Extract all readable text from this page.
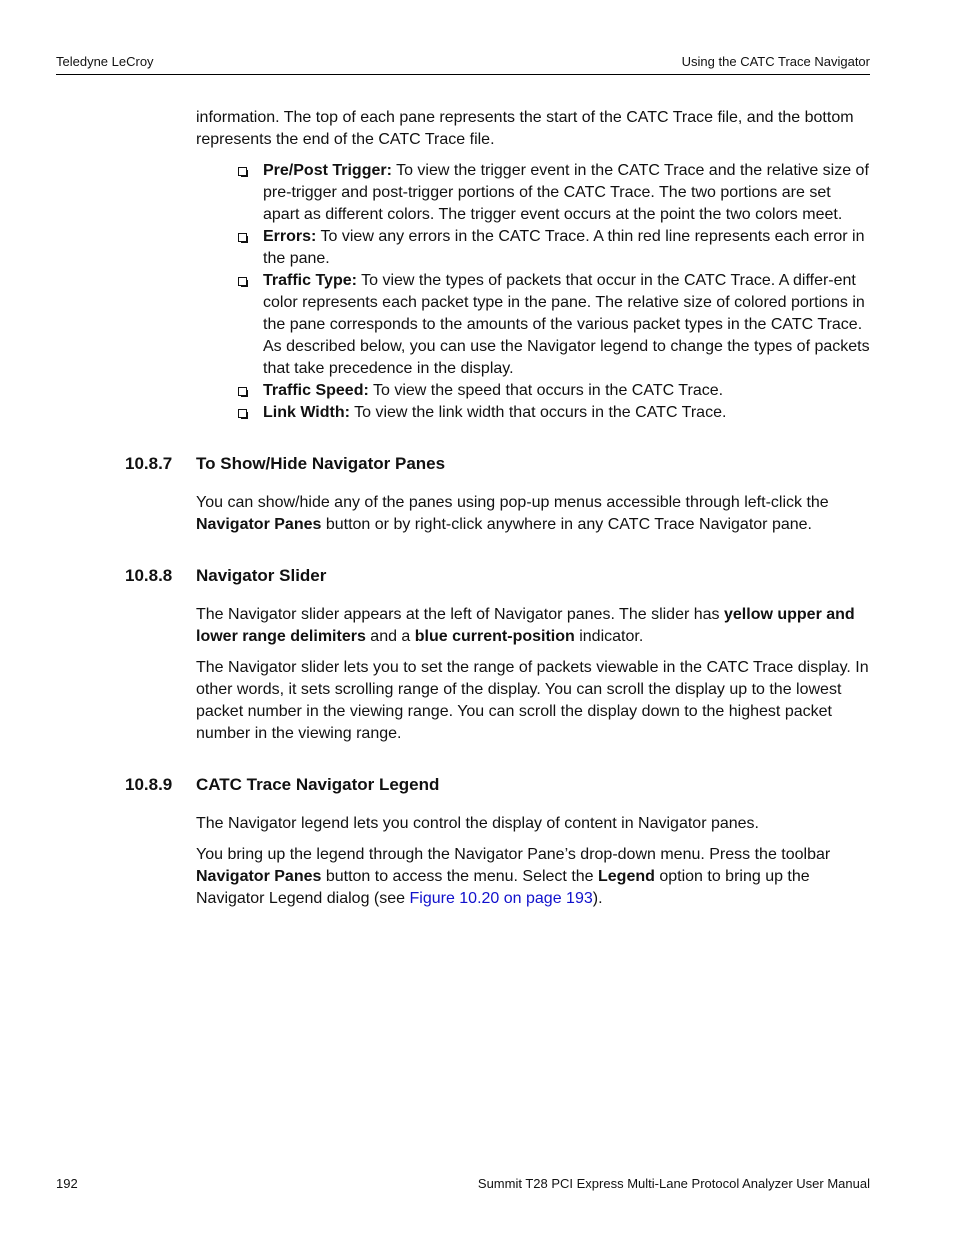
Teledyne LeCroy	Using the CATC Trace Navigator

information. The top of each pane represents the start of the CATC Trace file, and the bottom represents the end of the CATC Trace file.

Pre/Post Trigger: To view the trigger event in the CATC Trace and the relative size of pre-trigger and post-trigger portions of the CATC Trace. The two portions are set apart as different colors. The trigger event occurs at the point the two colors meet.
Errors: To view any errors in the CATC Trace. A thin red line represents each error in the pane.
Traffic Type: To view the types of packets that occur in the CATC Trace. A differ-ent color represents each packet type in the pane. The relative size of colored portions in the pane corresponds to the amounts of the various packet types in the CATC Trace. As described below, you can use the Navigator legend to change the types of packets that take precedence in the display.
Traffic Speed: To view the speed that occurs in the CATC Trace.
Link Width: To view the link width that occurs in the CATC Trace.
10.8.7 To Show/Hide Navigator Panes

You can show/hide any of the panes using pop-up menus accessible through left-click the Navigator Panes button or by right-click anywhere in any CATC Trace Navigator pane.

10.8.8 Navigator Slider

The Navigator slider appears at the left of Navigator panes. The slider has yellow upper and lower range delimiters and a blue current-position indicator.

The Navigator slider lets you to set the range of packets viewable in the CATC Trace display. In other words, it sets scrolling range of the display. You can scroll the display up to the lowest packet number in the viewing range. You can scroll the display down to the highest packet number in the viewing range.

10.8.9 CATC Trace Navigator Legend

The Navigator legend lets you control the display of content in Navigator panes.

You bring up the legend through the Navigator Pane’s drop-down menu. Press the toolbar Navigator Panes button to access the menu. Select the Legend option to bring up the Navigator Legend dialog (see Figure 10.20 on page 193).

192	Summit T28 PCI Express Multi-Lane Protocol Analyzer User Manual
